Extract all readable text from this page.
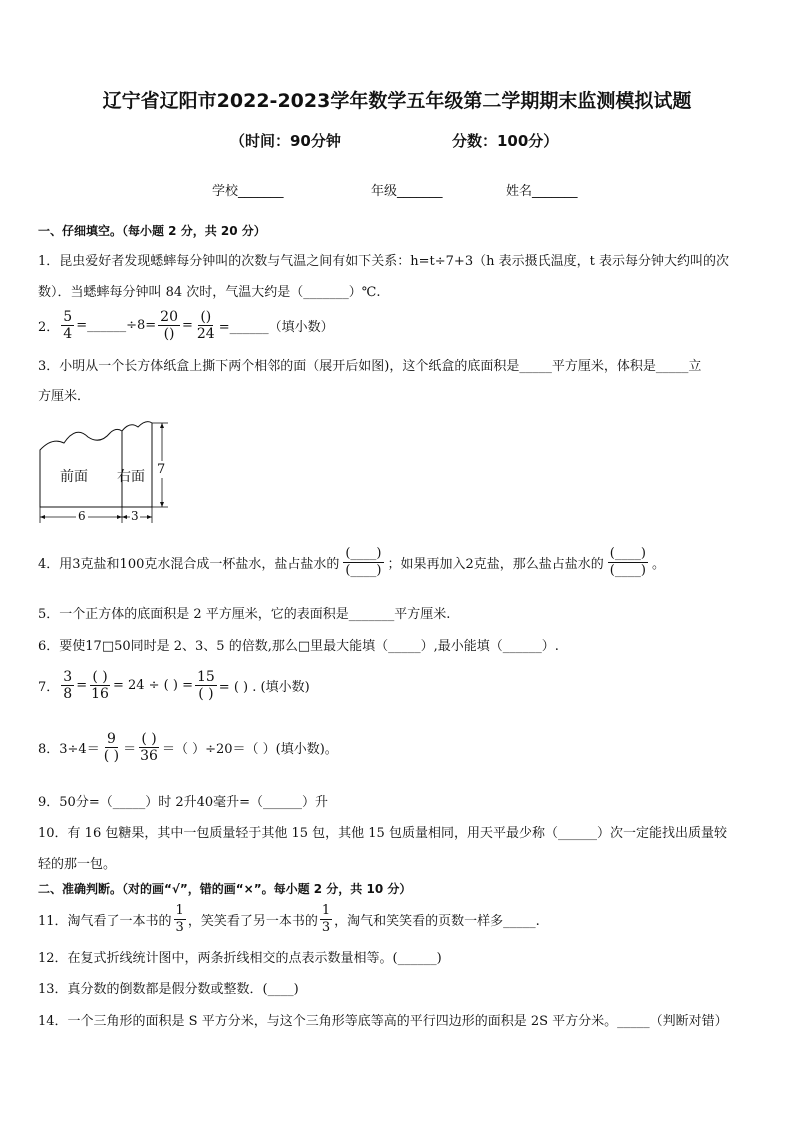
辽宁省辽阳市2022-2023学年数学五年级第二学期期末监测模拟试题
（时间：90分钟	分数：100分）
学校_______	年级_______	姓名_______
一、仔细填空。（每小题 2 分，共 20 分）
1．昆虫爱好者发现蟋蟀每分钟叫的次数与气温之间有如下关系：h=t÷7+3（h 表示摄氏温度，t 表示每分钟大约叫的次
数）．当蟋蟀每分钟叫 84 次时，气温大约是（_______）℃.
2． $\frac{5}{4}$ =______÷8= $\frac{20}{()} = \frac{()}{24}$ =______（填小数）
3．小明从一个长方体纸盒上撕下两个相邻的面（展开后如图)，这个纸盒的底面积是_____平方厘米，体积是_____立
方厘米．
前面 右面
6	3
7
4．用3克盐和100克水混合成一杯盐水，盐占盐水的 $\frac{(\_\_\_\_)}{(\_\_\_\_)}$ ；如果再加入2克盐，那么盐占盐水的 $\frac{(\_\_\_\_)}{(\_\_\_\_)}$ 。
5．一个正方体的底面积是 2 平方厘米，它的表面积是_______平方厘米.
6．要使17□50同时是 2、3、5 的倍数,那么□里最大能填（_____）,最小能填（______）.
7． $\frac{3}{8} = \frac{( )}{16} = 24$ ÷ ( ) = $\frac{15}{( )}$ = ( ) . (填小数)
8．$3\div 4= \frac{9}{( )} = \frac{( )}{36}$ ＝（ ）÷20＝（ ）(填小数)。
9．50分=（_____）时 2升40毫升=（______）升
10．有 16 包糖果，其中一包质量轻于其他 15 包，其他 15 包质量相同，用天平最少称（______）次一定能找出质量较
轻的那一包。
二、准确判断。（对的画“√”，错的画“×”。每小题 2 分，共 10 分）
11．淘气看了一本书的 $\frac{1}{3}$ ，笑笑看了另一本书的 $\frac{1}{3}$ ，淘气和笑笑看的页数一样多_____.
12．在复式折线统计图中，两条折线相交的点表示数量相等。(______)
13．真分数的倒数都是假分数或整数．(____)
14．一个三角形的面积是 S 平方分米，与这个三角形等底等高的平行四边形的面积是 2S 平方分米。_____（判断对错）
